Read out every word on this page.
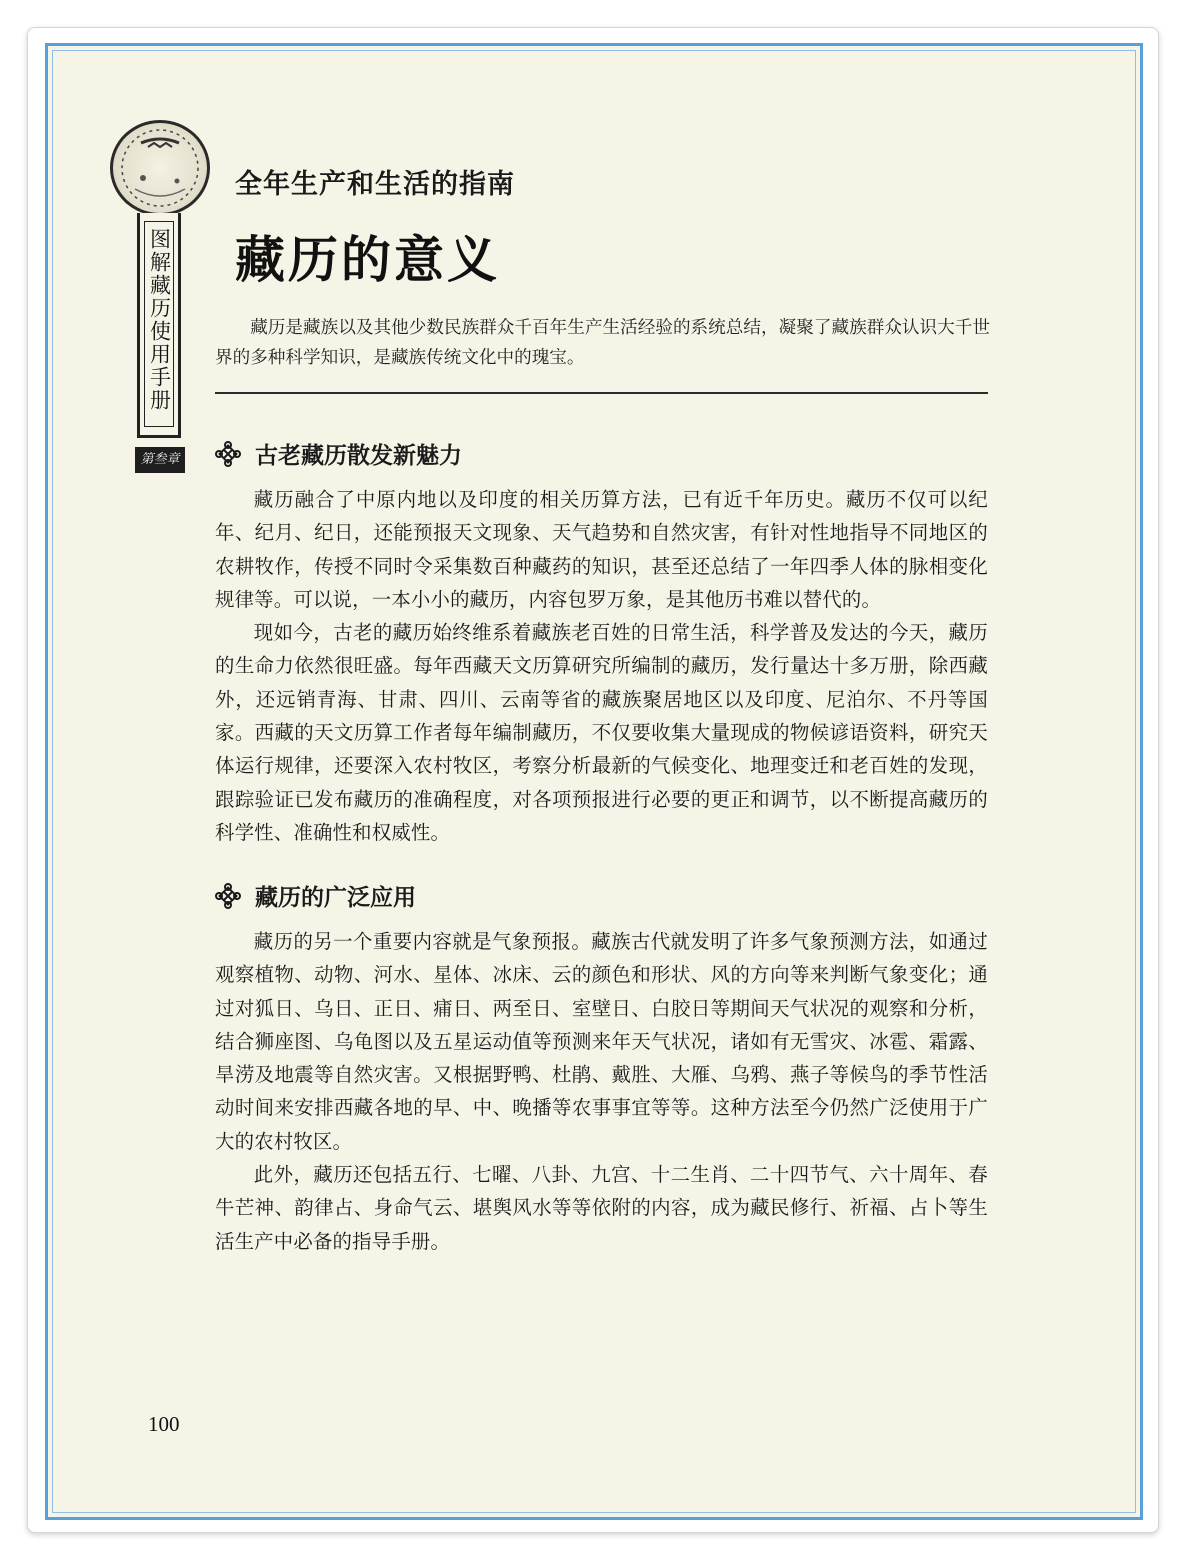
图解藏历使用手册
第叁章
全年生产和生活的指南
藏历的意义

藏历是藏族以及其他少数民族群众千百年生产生活经验的系统总结，凝聚了藏族群众认识大千世界的多种科学知识，是藏族传统文化中的瑰宝。

古老藏历散发新魅力

藏历融合了中原内地以及印度的相关历算方法，已有近千年历史。藏历不仅可以纪年、纪月、纪日，还能预报天文现象、天气趋势和自然灾害，有针对性地指导不同地区的农耕牧作，传授不同时令采集数百种藏药的知识，甚至还总结了一年四季人体的脉相变化规律等。可以说，一本小小的藏历，内容包罗万象，是其他历书难以替代的。

现如今，古老的藏历始终维系着藏族老百姓的日常生活，科学普及发达的今天，藏历的生命力依然很旺盛。每年西藏天文历算研究所编制的藏历，发行量达十多万册，除西藏外，还远销青海、甘肃、四川、云南等省的藏族聚居地区以及印度、尼泊尔、不丹等国家。西藏的天文历算工作者每年编制藏历，不仅要收集大量现成的物候谚语资料，研究天体运行规律，还要深入农村牧区，考察分析最新的气候变化、地理变迁和老百姓的发现，跟踪验证已发布藏历的准确程度，对各项预报进行必要的更正和调节，以不断提高藏历的科学性、准确性和权威性。

藏历的广泛应用

藏历的另一个重要内容就是气象预报。藏族古代就发明了许多气象预测方法，如通过观察植物、动物、河水、星体、冰床、云的颜色和形状、风的方向等来判断气象变化；通过对狐日、乌日、正日、痡日、两至日、室壁日、白胶日等期间天气状况的观察和分析，结合狮座图、乌龟图以及五星运动值等预测来年天气状况，诸如有无雪灾、冰雹、霜露、旱涝及地震等自然灾害。又根据野鸭、杜鹃、戴胜、大雁、乌鸦、燕子等候鸟的季节性活动时间来安排西藏各地的早、中、晚播等农事事宜等等。这种方法至今仍然广泛使用于广大的农村牧区。

此外，藏历还包括五行、七曜、八卦、九宫、十二生肖、二十四节气、六十周年、春牛芒神、韵律占、身命气云、堪舆风水等等依附的内容，成为藏民修行、祈福、占卜等生活生产中必备的指导手册。

100
